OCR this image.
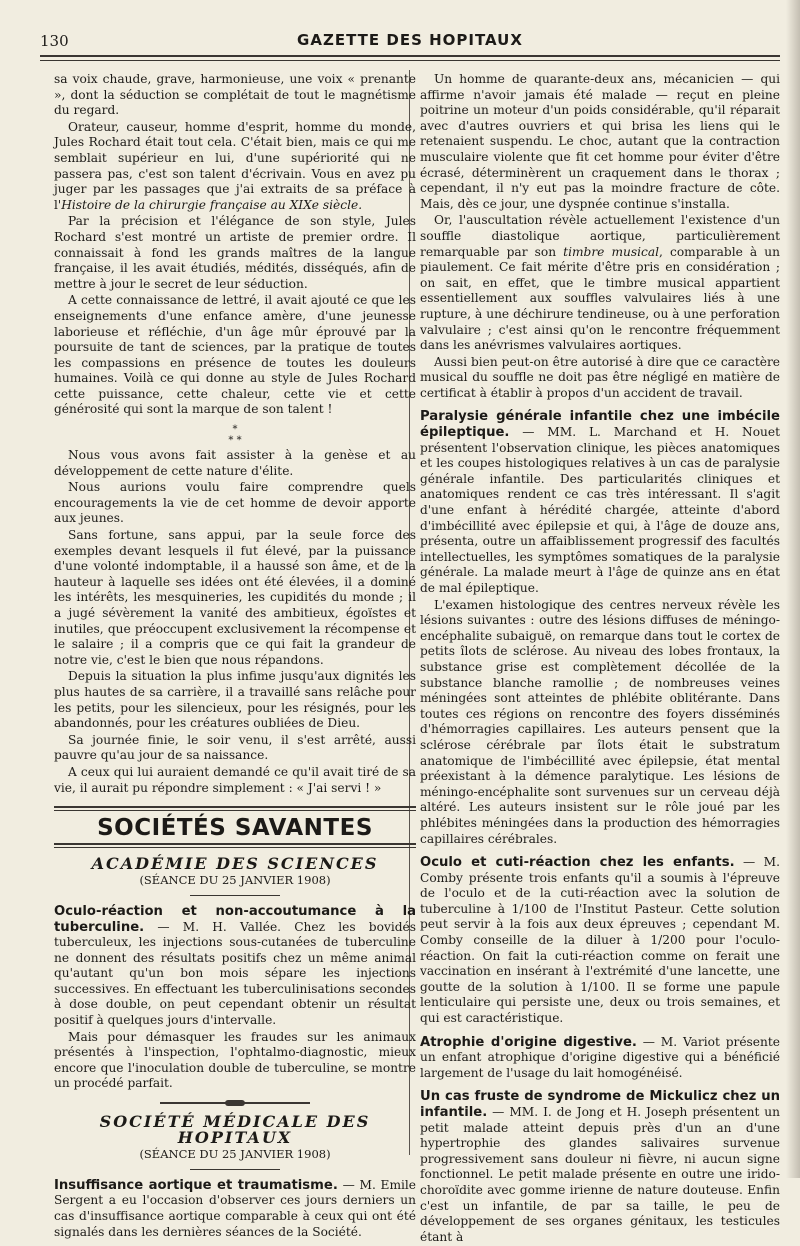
130	GAZETTE DES HOPITAUX

sa voix chaude, grave, harmonieuse, une voix « prenante », dont la séduction se complétait de tout le magnétisme du regard.

Orateur, causeur, homme d'esprit, homme du monde, Jules Rochard était tout cela. C'était bien, mais ce qui me semblait supérieur en lui, d'une supériorité qui ne passera pas, c'est son talent d'écrivain. Vous en avez pu juger par les passages que j'ai extraits de sa préface à l'Histoire de la chirurgie française au XIXe siècle.

Par la précision et l'élégance de son style, Jules Rochard s'est montré un artiste de premier ordre. Il connaissait à fond les grands maîtres de la langue française, il les avait étudiés, médités, disséqués, afin de mettre à jour le secret de leur séduction.

A cette connaissance de lettré, il avait ajouté ce que les enseignements d'une enfance amère, d'une jeunesse laborieuse et réfléchie, d'un âge mûr éprouvé par la poursuite de tant de sciences, par la pratique de toutes les compassions en présence de toutes les douleurs humaines. Voilà ce qui donne au style de Jules Rochard cette puissance, cette chaleur, cette vie et cette générosité qui sont la marque de son talent !

*
* *

Nous vous avons fait assister à la genèse et au développement de cette nature d'élite.

Nous aurions voulu faire comprendre quels encouragements la vie de cet homme de devoir apporte aux jeunes.

Sans fortune, sans appui, par la seule force des exemples devant lesquels il fut élevé, par la puissance d'une volonté indomptable, il a haussé son âme, et de la hauteur à laquelle ses idées ont été élevées, il a dominé les intérêts, les mesquineries, les cupidités du monde ; il a jugé sévèrement la vanité des ambitieux, égoïstes et inutiles, que préoccupent exclusivement la récompense et le salaire ; il a compris que ce qui fait la grandeur de notre vie, c'est le bien que nous répandons.

Depuis la situation la plus infime jusqu'aux dignités les plus hautes de sa carrière, il a travaillé sans relâche pour les petits, pour les silencieux, pour les résignés, pour les abandonnés, pour les créatures oubliées de Dieu.

Sa journée finie, le soir venu, il s'est arrêté, aussi pauvre qu'au jour de sa naissance.

A ceux qui lui auraient demandé ce qu'il avait tiré de sa vie, il aurait pu répondre simplement : « J'ai servi ! »

SOCIÉTÉS SAVANTES
ACADÉMIE DES SCIENCES
(SÉANCE DU 25 JANVIER 1908)

Oculo-réaction et non-accoutumance à la tuberculine. — M. H. Vallée. Chez les bovidés tuberculeux, les injections sous-cutanées de tuberculine ne donnent des résultats positifs chez un même animal qu'autant qu'un bon mois sépare les injections successives. En effectuant les tuberculinisations secondes à dose double, on peut cependant obtenir un résultat positif à quelques jours d'intervalle.

Mais pour démasquer les fraudes sur les animaux présentés à l'inspection, l'ophtalmo-diagnostic, mieux encore que l'inoculation double de tuberculine, se montre un procédé parfait.

SOCIÉTÉ MÉDICALE DES HOPITAUX
(SÉANCE DU 25 JANVIER 1908)

Insuffisance aortique et traumatisme. — M. Emile Sergent a eu l'occasion d'observer ces jours derniers un cas d'insuffisance aortique comparable à ceux qui ont été signalés dans les dernières séances de la Société.

Un homme de quarante-deux ans, mécanicien — qui affirme n'avoir jamais été malade — reçut en pleine poitrine un moteur d'un poids considérable, qu'il réparait avec d'autres ouvriers et qui brisa les liens qui le retenaient suspendu. Le choc, autant que la contraction musculaire violente que fit cet homme pour éviter d'être écrasé, déterminèrent un craquement dans le thorax ; cependant, il n'y eut pas la moindre fracture de côte. Mais, dès ce jour, une dyspnée continue s'installa.

Or, l'auscultation révèle actuellement l'existence d'un souffle diastolique aortique, particulièrement remarquable par son timbre musical, comparable à un piaulement. Ce fait mérite d'être pris en considération ; on sait, en effet, que le timbre musical appartient essentiellement aux souffles valvulaires liés à une rupture, à une déchirure tendineuse, ou à une perforation valvulaire ; c'est ainsi qu'on le rencontre fréquemment dans les anévrismes valvulaires aortiques.

Aussi bien peut-on être autorisé à dire que ce caractère musical du souffle ne doit pas être négligé en matière de certificat à établir à propos d'un accident de travail.

Paralysie générale infantile chez une imbécile épileptique. — MM. L. Marchand et H. Nouet présentent l'observation clinique, les pièces anatomiques et les coupes histologiques relatives à un cas de paralysie générale infantile. Des particularités cliniques et anatomiques rendent ce cas très intéressant. Il s'agit d'une enfant à hérédité chargée, atteinte d'abord d'imbécillité avec épilepsie et qui, à l'âge de douze ans, présenta, outre un affaiblissement progressif des facultés intellectuelles, les symptômes somatiques de la paralysie générale. La malade meurt à l'âge de quinze ans en état de mal épileptique.

L'examen histologique des centres nerveux révèle les lésions suivantes : outre des lésions diffuses de méningo-encéphalite subaiguë, on remarque dans tout le cortex de petits îlots de sclérose. Au niveau des lobes frontaux, la substance grise est complètement décollée de la substance blanche ramollie ; de nombreuses veines méningées sont atteintes de phlébite oblitérante. Dans toutes ces régions on rencontre des foyers disséminés d'hémorragies capillaires. Les auteurs pensent que la sclérose cérébrale par îlots était le substratum anatomique de l'imbécillité avec épilepsie, état mental préexistant à la démence paralytique. Les lésions de méningo-encéphalite sont survenues sur un cerveau déjà altéré. Les auteurs insistent sur le rôle joué par les phlébites méningées dans la production des hémorragies capillaires cérébrales.

Oculo et cuti-réaction chez les enfants. — M. Comby présente trois enfants qu'il a soumis à l'épreuve de l'oculo et de la cuti-réaction avec la solution de tuberculine à 1/100 de l'Institut Pasteur. Cette solution peut servir à la fois aux deux épreuves ; cependant M. Comby conseille de la diluer à 1/200 pour l'oculo-réaction. On fait la cuti-réaction comme on ferait une vaccination en insérant à l'extrémité d'une lancette, une goutte de la solution à 1/100. Il se forme une papule lenticulaire qui persiste une, deux ou trois semaines, et qui est caractéristique.

Atrophie d'origine digestive. — M. Variot présente un enfant atrophique d'origine digestive qui a bénéficié largement de l'usage du lait homogénéisé.

Un cas fruste de syndrome de Mickulicz chez un infantile. — MM. I. de Jong et H. Joseph présentent un petit malade atteint depuis près d'un an d'une hypertrophie des glandes salivaires survenue progressivement sans douleur ni fièvre, ni aucun signe fonctionnel. Le petit malade présente en outre une irido-choroïdite avec gomme irienne de nature douteuse. Enfin c'est un infantile, de par sa taille, le peu de développement de ses organes génitaux, les testicules étant à
